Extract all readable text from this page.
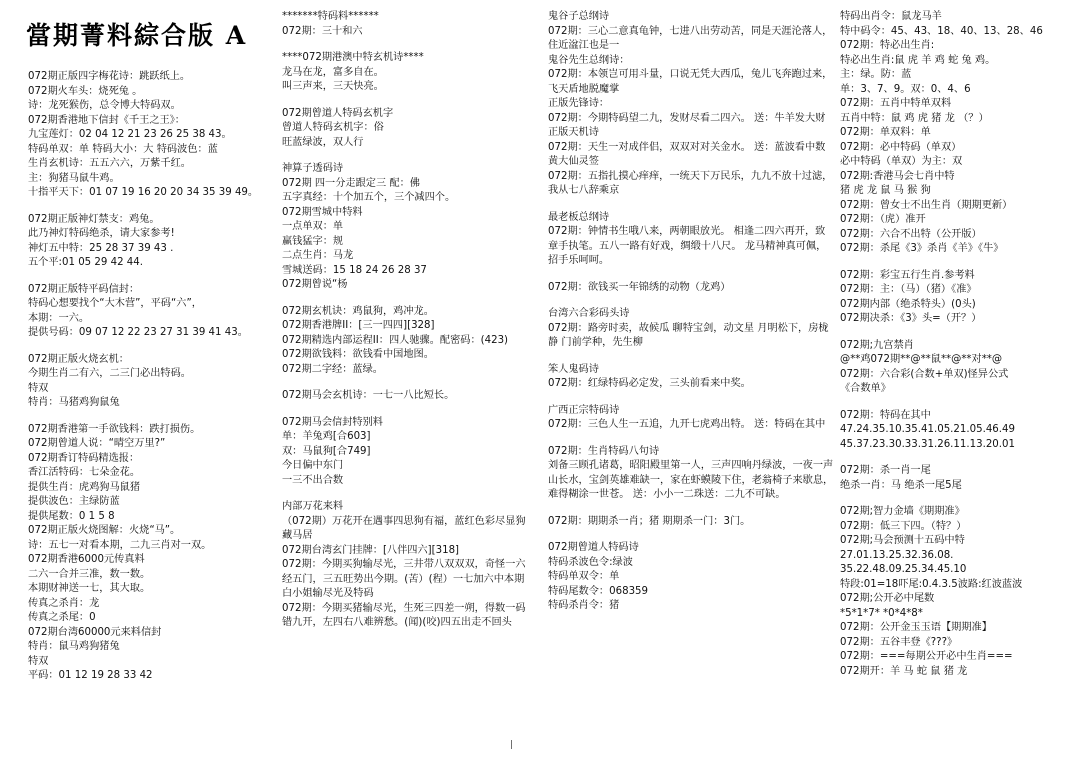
當期菁料綜合版 A
072期正版四字梅花诗：跳跃纸上。
072期火车头：烧死兔 。
诗：龙死猴伤，总令博大特码双。
072期香港地下信封《千王之王》：
九宝莲灯：02 04 12 21 23 26 25 38 43。
特码单双：单 特码大小：大 特码波色：蓝
生肖玄机诗：五五六六，万紫千红。
主：狗猪马鼠牛鸡。
十指平天下：01 07 19 16 20 20 34 35 39 49。
072期正版神灯禁支：鸡兔。
此乃神灯特码绝杀，请大家参考!
神灯五中特：25 28 37 39 43 .
五个平:01 05 29 42 44.
072期正版特平码信封：
特码心想要找个“大木营”，平码“六”，
本期：一六。
提供号码：09 07 12 22 23 27 31 39 41 43。
072期正版火烧玄机：
今期生肖二有六，二三门必出特码。
特双
特肖：马猪鸡狗鼠兔
072期香港第一手欲钱料：跌打损伤。
072期曾道人说：“晴空万里?”
072期香订特码精选报：
香江活特码：七朵金花。
提供生肖：虎鸡狗马鼠猪
提供波色：主绿防蓝
提供尾数：0 1 5 8
072期正版火烧图解：火烧“马”。
诗：五七一对看本期，二九三肖对一双。
072期香港6000元传真料
二六一合并三准，数一数。
本期财神送一七，其大取。
传真之杀肖：龙
传真之杀尾：0
072期台湾60000元来料信封
特肖：鼠马鸡狗猪兔
特双
平码：01 12 19 28 33 42
*******特码料******
072期：三十和六
****072期港澳中特玄机诗****
龙马在龙，富多自在。
叫三声来，三天快亮。
072期曾道人特码玄机字
曾道人特码玄机字：俗
旺蓝绿波，双人行
神算子透码诗
072期 四一分走跟定三 配：佛
五字真经：十个加五个，三个减四个。
072期雪城中特料
一点单双：单
赢钱猛字：规
二点生肖：马龙
雪城送码：15 18 24 26 28 37
072期曾说“杨
072期玄机诀：鸡鼠狗，鸡冲龙。
072期香港牌II：[三一四四][328]
072期精选内部运程II：四人驰骤。配密码：(423)
072期欲钱料：欲钱看中国地图。
072期二字经：蓝绿。
072期马会玄机诗：一七一八比短长。
072期马会信封特别料
单：羊兔鸡[合603]
双：马鼠狗[合749]
今日偏中东门
一三不出合数
内部万花来料
（072期）万花开在遇事四思狗有福，蓝红色彩尽显狗藏马居
072期台湾玄门挂牌：[八伴四六][318]
072期：今期买狗输尽光，三井带八双双双，奇怪一六经五门，三五旺势出今期。(苦）(程）一七加六中本期
白小姐输尽光及特码
072期：今期买猪输尽光，生死三四差一朔，得数一码错九开，左四右八难辨愁。(闻)(咬)四五出走不回头
鬼谷子总纲诗
072期：三心二意真龟钟，七进八出劳动苦，同是天涯沦落人，住近湓江也是一
鬼谷先生总纲诗：
072期：本领岂可用斗量，口说无凭大西瓜，兔儿飞奔跑过来，飞天盾地脱魔掌
正版先锋诗：
072期：今期特码望二九，发财尽看二四六。 送：牛羊发大财
正版天机诗
072期：天生一对成伴侣，双双对对关金水。 送：蓝波看中数
黄大仙灵签
072期：五指扎摸心痒痒，一统天下万民乐，九九不放十过滤，我从七八辞乘京
最老板总纲诗
072期：钟情书生哦八来，两朝眼放光。 相逢二四六再开，致章手执笔。五八一路有好戏，绸缎十八尺。 龙马精神真可佩，招手乐呵呵。
072期：欲钱买一年锦绣的动物（龙鸡）
台湾六合彩码头诗
072期：路旁时卖，故候瓜 聊特宝剑，动文星 月明松下，房栊静 门前学种，先生柳
笨人鬼码诗
072期：红绿特码必定发，三头前看来中奖。
广西正宗特码诗
072期：三色人生一五追，九开七虎鸡出特。 送：特码在其中
072期：生肖特码八句诗
刘备三顾孔诸葛，昭阳殿里第一人，三声四响丹绿波，一夜一声山长水，宝剑英雄难缺一，家在虾蟆陵下住，老翁椅子来歇息，难得糊涂一世苍。 送：小小一二珠送：二九不可缺。
072期：期期杀一肖；猪 期期杀一门：3门。
072期曾道人特码诗
特码杀波色令:绿波
特码单双令：单
特码尾数令：068359
特码杀肖令：猪
特码出肖令：鼠龙马羊
特中码令：45、43、18、40、13、28、46
072期：特必出生肖:
特必出生肖:鼠 虎 羊 鸡 蛇 兔 鸡。
主：绿。防：蓝
单：3、7、9。双：0、4、6
072期：五肖中特单双料
五肖中特：鼠 鸡 虎 猪 龙 （？）
072期：单双料：单
072期：必中特码（单双）
必中特码（单双）为主：双
072期:香港马会七肖中特
猪 虎 龙 鼠 马 猴 狗
072期：曾女士不出生肖（期期更新）
072期：（虎）准开
072期：六合不出特（公开版）
072期：杀尾《3》杀肖《羊》《牛》
072期：彩宝五行生肖.参考料
072期：主：（马）（猪）《准》
072期内部（绝杀特头）(0头)
072期决杀：《3》头=（开？）
072期;九宫禁肖
@**鸡072期**@**鼠**@**对**@
072期：六合彩(合数+单双)怪异公式
《合数单》
072期：特码在其中
47.24.35.10.35.41.05.21.05.46.49
45.37.23.30.33.31.26.11.13.20.01
072期：杀一肖一尾
绝杀一肖：马 绝杀一尾5尾
072期;智力金墙《期期准》
072期：低三下四。（特？）
072期;马会预测十五码中特
27.01.13.25.32.36.08.
35.22.48.09.25.34.45.10
特段:01=18吓尾:0.4.3.5波路:红波蓝波
072期;公开必中尾数
*5*1*7* *0*4*8*
072期：公开金玉玉语【期期准】
072期：五谷丰登《???》
072期：===每期公开必中生肖===
072期开：羊 马 蛇 鼠 猪 龙
|
